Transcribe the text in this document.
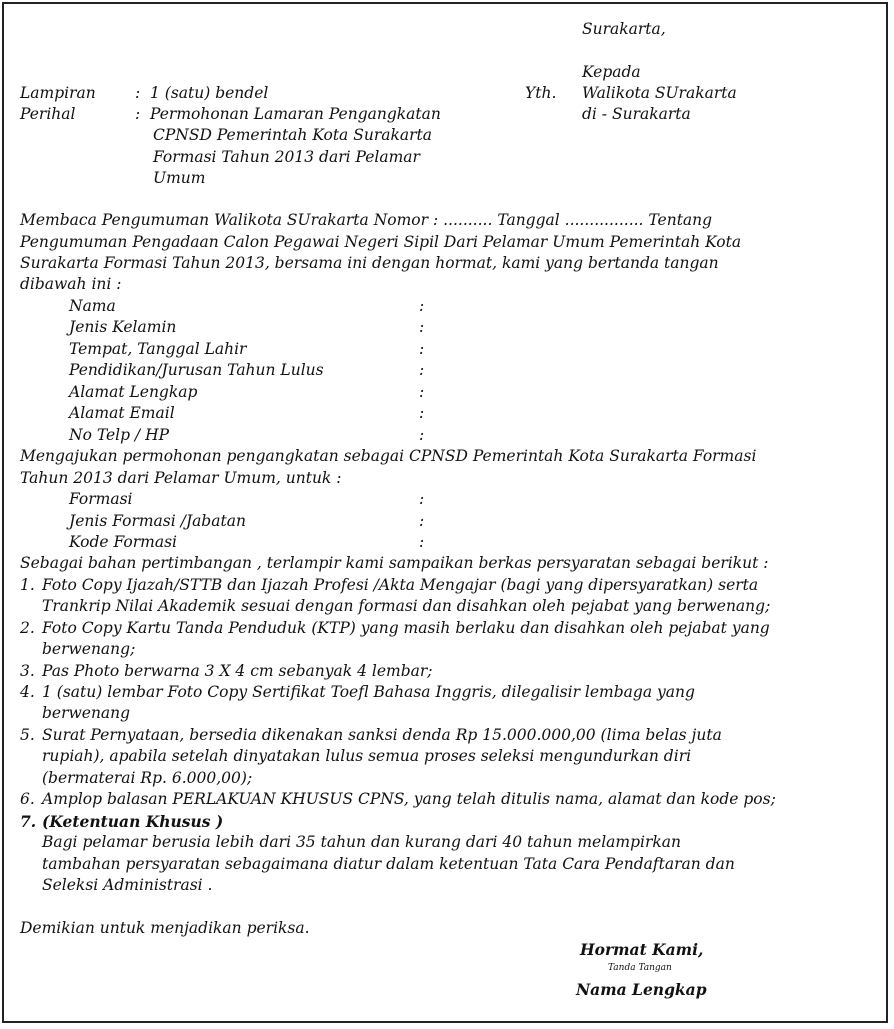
Surakarta,
Kepada
Yth. Walikota SUrakarta
di - Surakarta
Lampiran	: 1 (satu) bendel
Perihal	: Permohonan Lamaran Pengangkatan
CPNSD Pemerintah Kota Surakarta
Formasi Tahun 2013 dari Pelamar
Umum
Membaca Pengumuman Walikota SUrakarta Nomor : .......... Tanggal ................ Tentang
Pengumuman Pengadaan Calon Pegawai Negeri Sipil Dari Pelamar Umum Pemerintah Kota
Surakarta Formasi Tahun 2013, bersama ini dengan hormat, kami yang bertanda tangan
dibawah ini :
Nama	:
Jenis Kelamin	:
Tempat, Tanggal Lahir	:
Pendidikan/Jurusan Tahun Lulus	:
Alamat Lengkap	:
Alamat Email	:
No Telp / HP	:
Mengajukan permohonan pengangkatan sebagai CPNSD Pemerintah Kota Surakarta Formasi
Tahun 2013 dari Pelamar Umum, untuk :
Formasi	:
Jenis Formasi /Jabatan	:
Kode Formasi	:
Sebagai bahan pertimbangan , terlampir kami sampaikan berkas persyaratan sebagai berikut :
1. Foto Copy Ijazah/STTB dan Ijazah Profesi /Akta Mengajar (bagi yang dipersyaratkan) serta
Trankrip Nilai Akademik sesuai dengan formasi dan disahkan oleh pejabat yang berwenang;
2. Foto Copy Kartu Tanda Penduduk (KTP) yang masih berlaku dan disahkan oleh pejabat yang
berwenang;
3. Pas Photo berwarna 3 X 4 cm sebanyak 4 lembar;
4. 1 (satu) lembar Foto Copy Sertifikat Toefl Bahasa Inggris, dilegalisir lembaga yang
berwenang
5. Surat Pernyataan, bersedia dikenakan sanksi denda Rp 15.000.000,00 (lima belas juta
rupiah), apabila setelah dinyatakan lulus semua proses seleksi mengundurkan diri
(bermaterai Rp. 6.000,00);
6. Amplop balasan PERLAKUAN KHUSUS CPNS, yang telah ditulis nama, alamat dan kode pos;
7. (Ketentuan Khusus )
Bagi pelamar berusia lebih dari 35 tahun dan kurang dari 40 tahun melampirkan
tambahan persyaratan sebagaimana diatur dalam ketentuan Tata Cara Pendaftaran dan
Seleksi Administrasi .
Demikian untuk menjadikan periksa.
Hormat Kami,
Tanda Tangan
Nama Lengkap
